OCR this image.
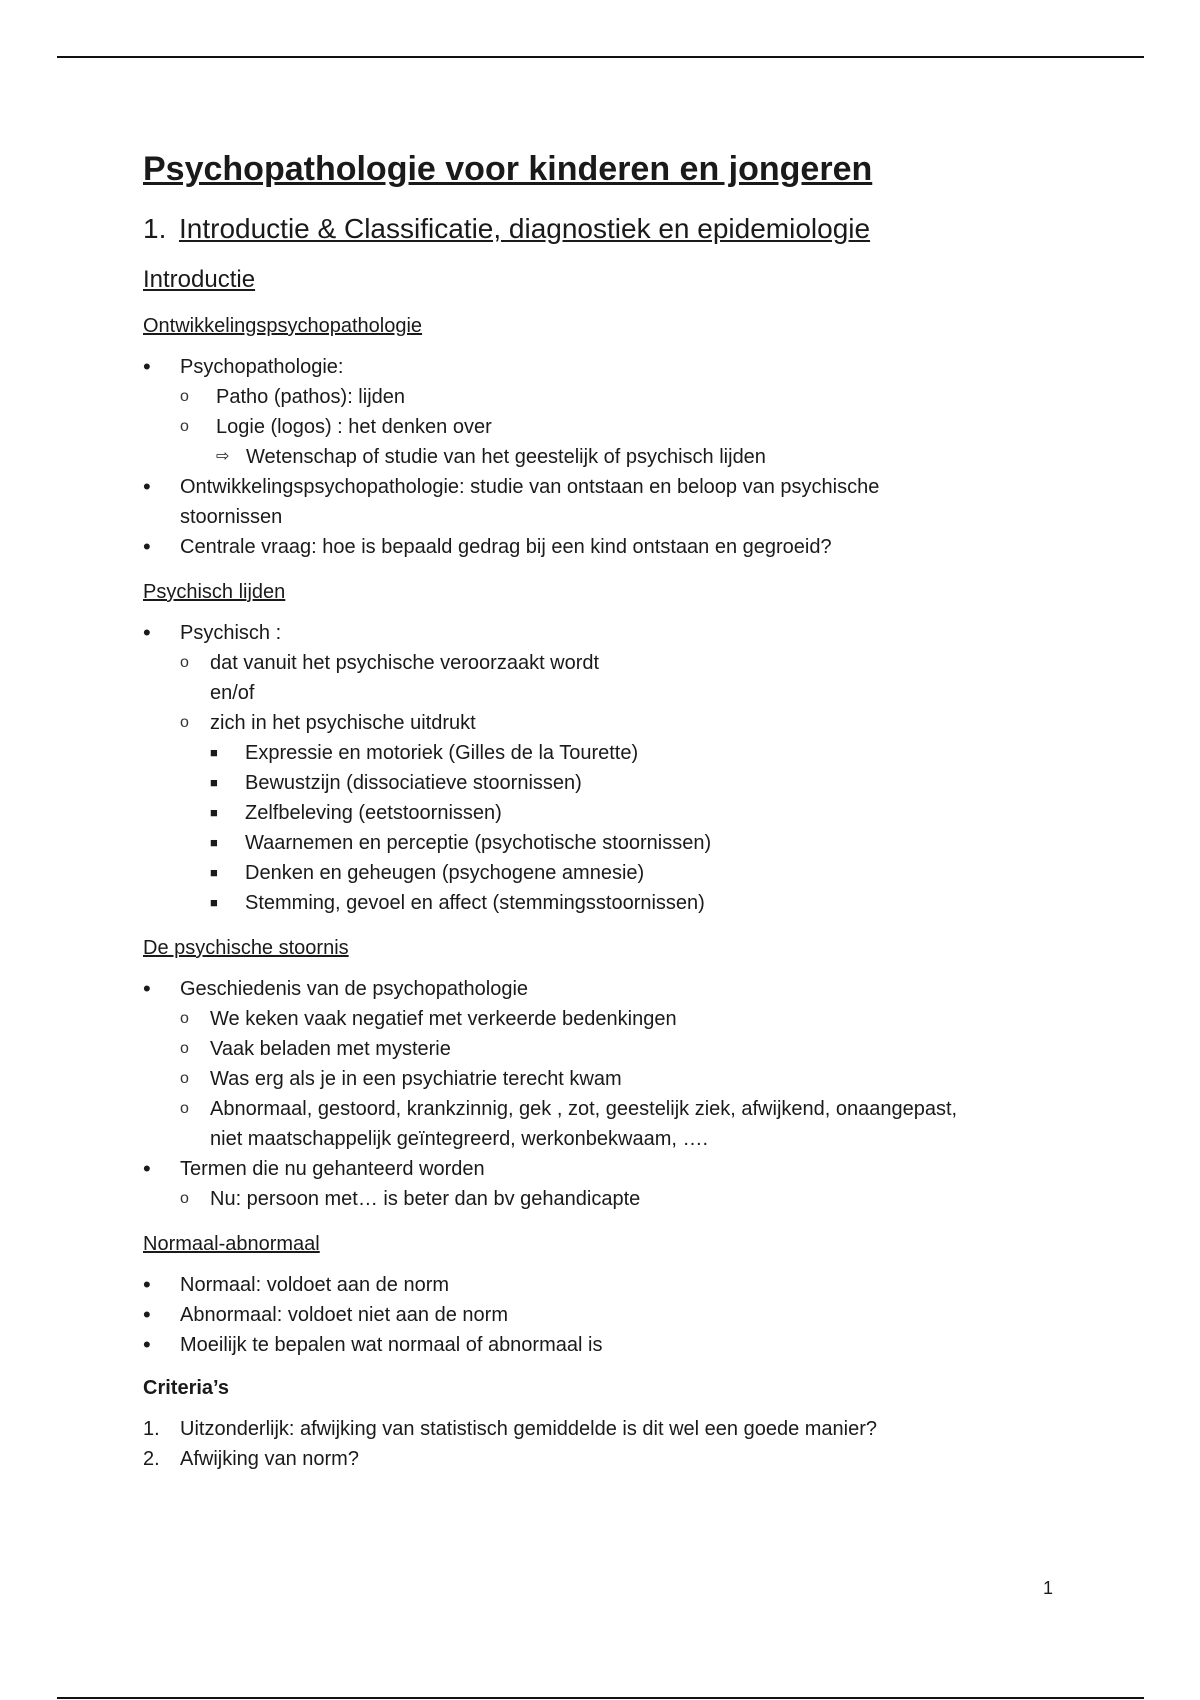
Psychopathologie voor kinderen en jongeren
1. Introductie & Classificatie, diagnostiek en epidemiologie
Introductie
Ontwikkelingspsychopathologie
• Psychopathologie:
o Patho (pathos): lijden
o Logie (logos) : het denken over
⇨ Wetenschap of studie van het geestelijk of psychisch lijden
• Ontwikkelingspsychopathologie: studie van ontstaan en beloop van psychische
stoornissen
• Centrale vraag: hoe is bepaald gedrag bij een kind ontstaan en gegroeid?
Psychisch lijden
• Psychisch :
o dat vanuit het psychische veroorzaakt wordt
en/of
o zich in het psychische uitdrukt
■ Expressie en motoriek (Gilles de la Tourette)
■ Bewustzijn (dissociatieve stoornissen)
■ Zelfbeleving (eetstoornissen)
■ Waarnemen en perceptie (psychotische stoornissen)
■ Denken en geheugen (psychogene amnesie)
■ Stemming, gevoel en affect (stemmingsstoornissen)
De psychische stoornis
• Geschiedenis van de psychopathologie
o We keken vaak negatief met verkeerde bedenkingen
o Vaak beladen met mysterie
o Was erg als je in een psychiatrie terecht kwam
o Abnormaal, gestoord, krankzinnig, gek , zot, geestelijk ziek, afwijkend, onaangepast,
niet maatschappelijk geïntegreerd, werkonbekwaam, ….
• Termen die nu gehanteerd worden
o Nu: persoon met… is beter dan bv gehandicapte
Normaal-abnormaal
• Normaal: voldoet aan de norm
• Abnormaal: voldoet niet aan de norm
• Moeilijk te bepalen wat normaal of abnormaal is
Criteria’s
1. Uitzonderlijk: afwijking van statistisch gemiddelde is dit wel een goede manier?
2. Afwijking van norm?
1
